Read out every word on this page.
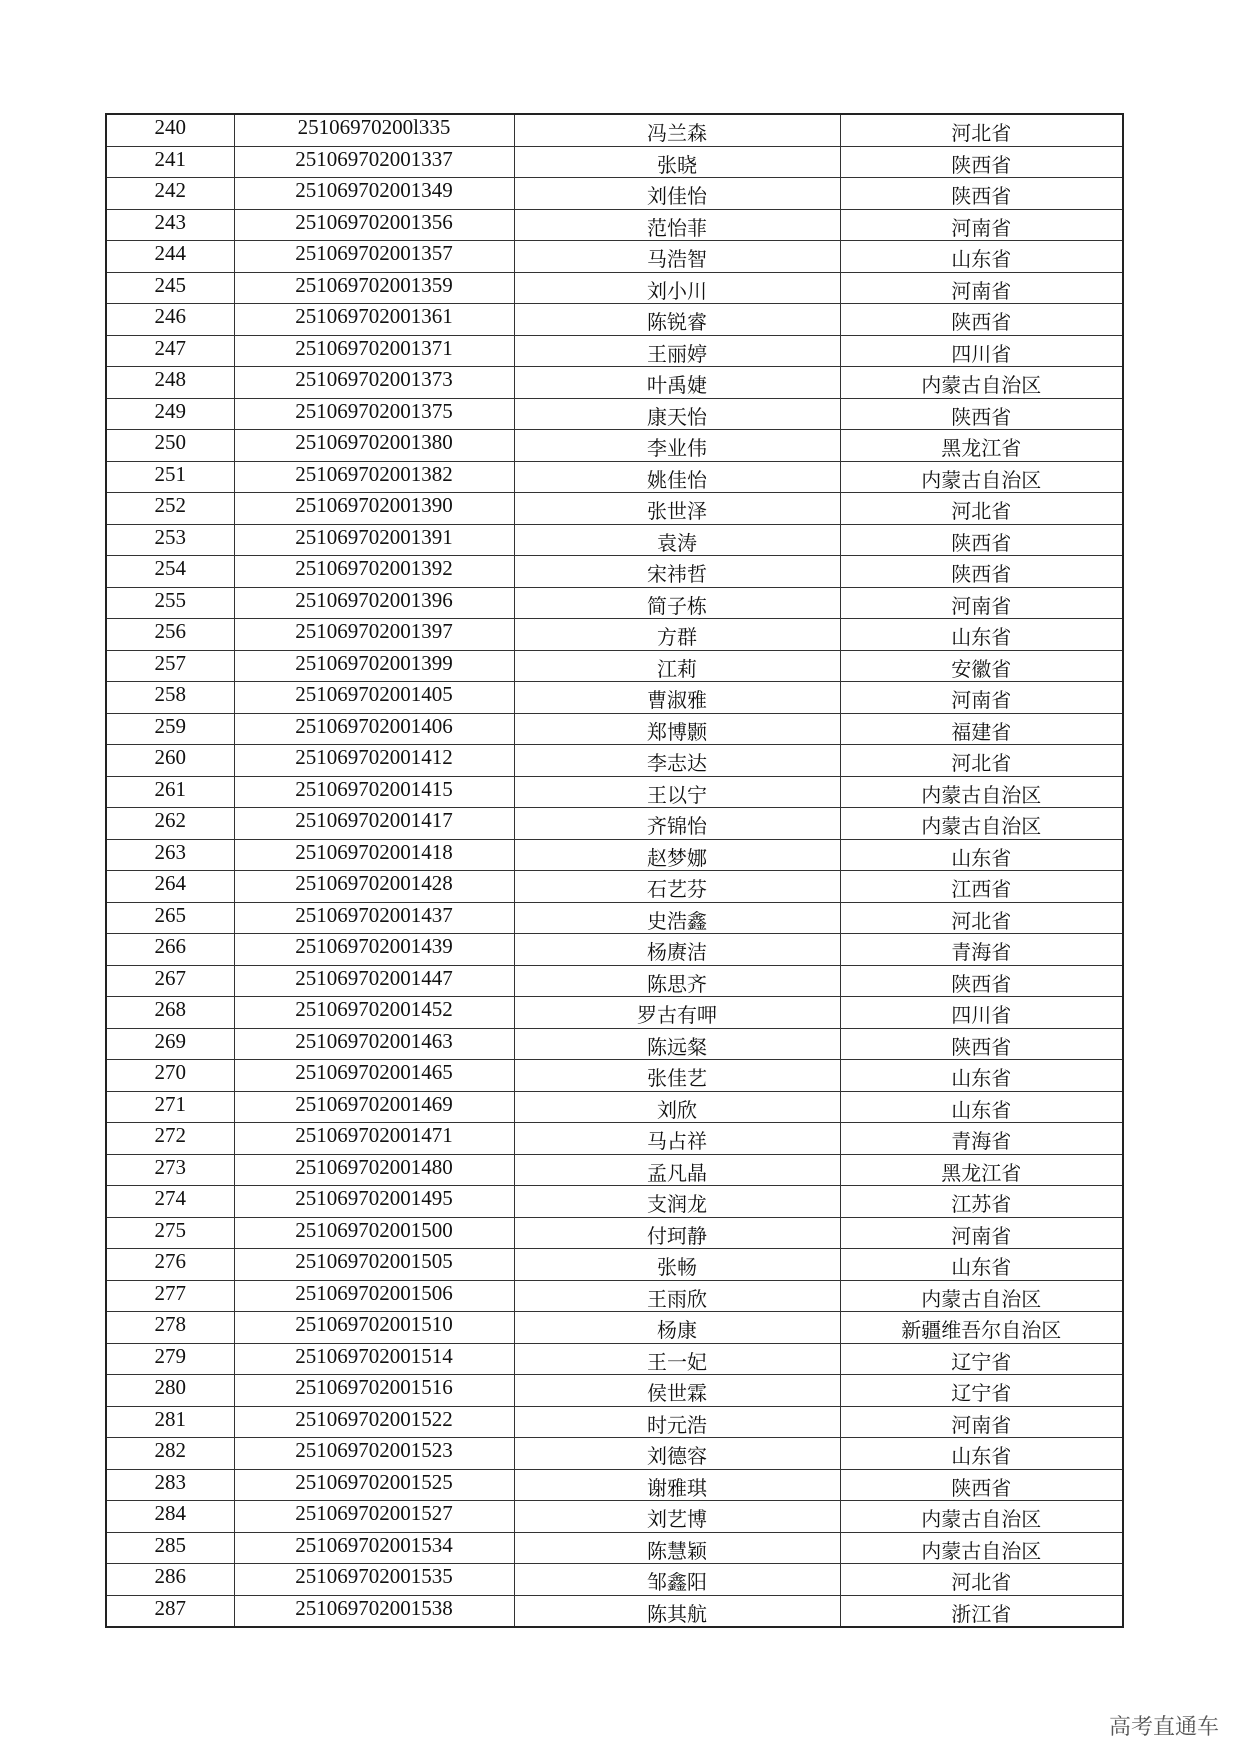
240	25106970200l335	冯兰森	河北省
241	251069702001337	张晓	陕西省
242	251069702001349	刘佳怡	陕西省
243	251069702001356	范怡菲	河南省
244	251069702001357	马浩智	山东省
245	251069702001359	刘小川	河南省
246	251069702001361	陈锐睿	陕西省
247	251069702001371	王丽婷	四川省
248	251069702001373	叶禹婕	内蒙古自治区
249	251069702001375	康天怡	陕西省
250	251069702001380	李业伟	黑龙江省
251	251069702001382	姚佳怡	内蒙古自治区
252	251069702001390	张世泽	河北省
253	251069702001391	袁涛	陕西省
254	251069702001392	宋祎哲	陕西省
255	251069702001396	简子栋	河南省
256	251069702001397	方群	山东省
257	251069702001399	江莉	安徽省
258	251069702001405	曹淑雅	河南省
259	251069702001406	郑博颢	福建省
260	251069702001412	李志达	河北省
261	251069702001415	王以宁	内蒙古自治区
262	251069702001417	齐锦怡	内蒙古自治区
263	251069702001418	赵梦娜	山东省
264	251069702001428	石艺芬	江西省
265	251069702001437	史浩鑫	河北省
266	251069702001439	杨赓洁	青海省
267	251069702001447	陈思齐	陕西省
268	251069702001452	罗古有呷	四川省
269	251069702001463	陈远粲	陕西省
270	251069702001465	张佳艺	山东省
271	251069702001469	刘欣	山东省
272	251069702001471	马占祥	青海省
273	251069702001480	孟凡晶	黑龙江省
274	251069702001495	支润龙	江苏省
275	251069702001500	付珂静	河南省
276	251069702001505	张畅	山东省
277	251069702001506	王雨欣	内蒙古自治区
278	251069702001510	杨康	新疆维吾尔自治区
279	251069702001514	王一妃	辽宁省
280	251069702001516	侯世霖	辽宁省
281	251069702001522	时元浩	河南省
282	251069702001523	刘德容	山东省
283	251069702001525	谢雅琪	陕西省
284	251069702001527	刘艺博	内蒙古自治区
285	251069702001534	陈慧颖	内蒙古自治区
286	251069702001535	邹鑫阳	河北省
287	251069702001538	陈其航	浙江省
高考直通车
